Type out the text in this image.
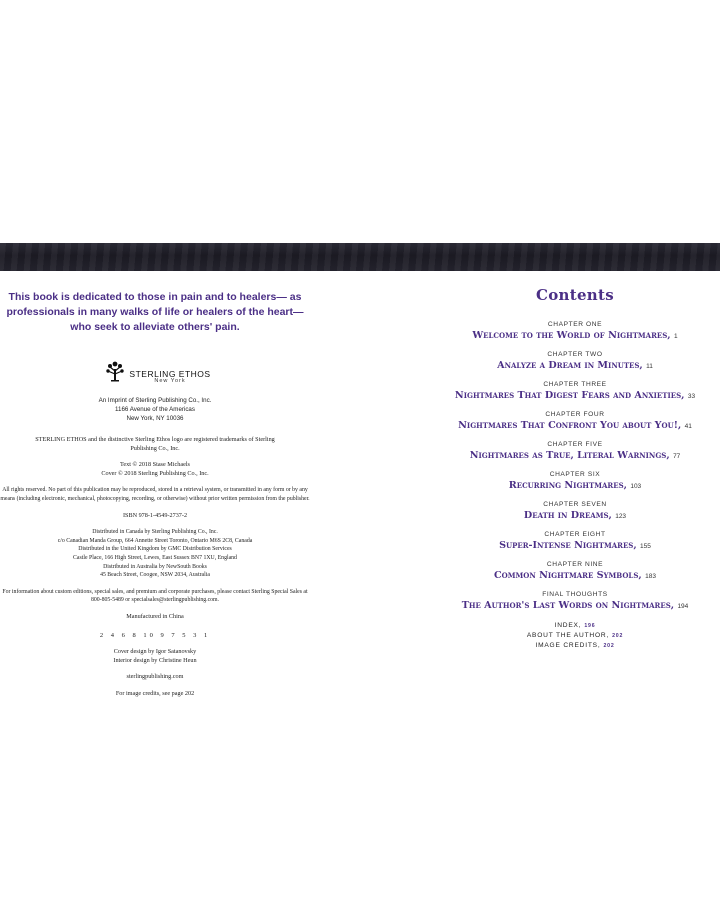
This book is dedicated to those in pain and to healers— as professionals in many walks of life or healers of the heart—who seek to alleviate others' pain.

STERLING ETHOS
New York
An Imprint of Sterling Publishing Co., Inc.
1166 Avenue of the Americas
New York, NY 10036
STERLING ETHOS and the distinctive Sterling Ethos logo are registered trademarks of Sterling Publishing Co., Inc.
Text © 2018 Stase Michaels
Cover © 2018 Sterling Publishing Co., Inc.
All rights reserved. No part of this publication may be reproduced, stored in a retrieval system, or transmitted in any form or by any means (including electronic, mechanical, photocopying, recording, or otherwise) without prior written permission from the publisher.
ISBN 978-1-4549-2737-2
Distributed in Canada by Sterling Publishing Co., Inc.
c/o Canadian Manda Group, 664 Annette Street Toronto, Ontario M6S 2C8, Canada
Distributed in the United Kingdom by GMC Distribution Services
Castle Place, 166 High Street, Lewes, East Sussex BN7 1XU, England
Distributed in Australia by NewSouth Books
45 Beach Street, Coogee, NSW 2034, Australia
For information about custom editions, special sales, and premium and corporate purchases, please contact Sterling Special Sales at 800-805-5489 or specialsales@sterlingpublishing.com.
Manufactured in China
2 4 6 8 10 9 7 5 3 1
Cover design by Igor Satanovsky
Interior design by Christine Heun
sterlingpublishing.com
For image credits, see page 202
Contents
CHAPTER ONE
Welcome to the World of Nightmares, 1
CHAPTER TWO
Analyze a Dream in Minutes, 11
CHAPTER THREE
Nightmares That Digest Fears and Anxieties, 33
CHAPTER FOUR
Nightmares That Confront You about You!, 41
CHAPTER FIVE
Nightmares as True, Literal Warnings, 77
CHAPTER SIX
Recurring Nightmares, 103
CHAPTER SEVEN
Death in Dreams, 123
CHAPTER EIGHT
Super-Intense Nightmares, 155
CHAPTER NINE
Common Nightmare Symbols, 183
FINAL THOUGHTS
The Author's Last Words on Nightmares, 194
INDEX, 196
ABOUT THE AUTHOR, 202
IMAGE CREDITS, 202
